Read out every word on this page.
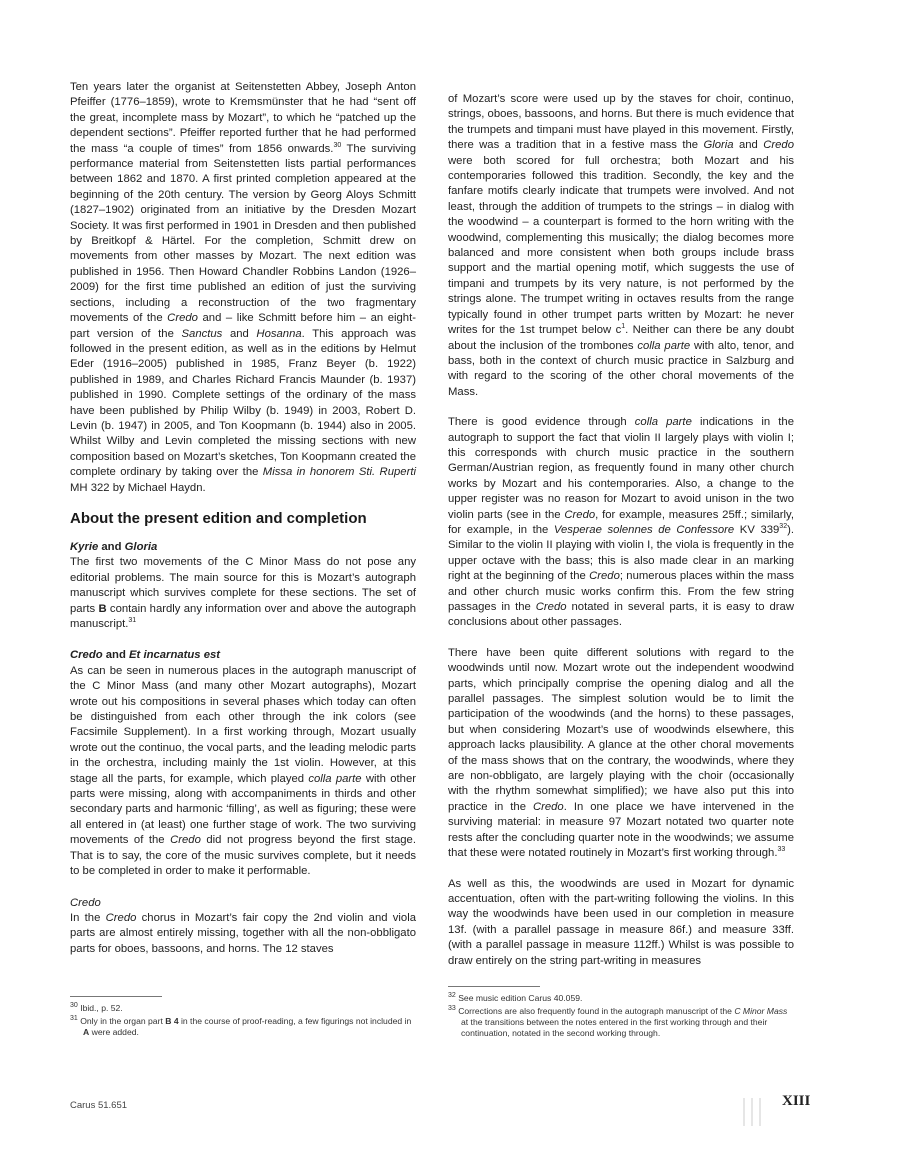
Ten years later the organist at Seitenstetten Abbey, Joseph Anton Pfeiffer (1776–1859), wrote to Kremsmünster that he had “sent off the great, incomplete mass by Mozart”, to which he “patched up the dependent sections”. Pfeiffer reported further that he had performed the mass “a couple of times” from 1856 onwards.$^{30}$ The surviving performance material from Seitenstetten lists partial performances between 1862 and 1870. A first printed completion appeared at the beginning of the 20th century. The version by Georg Aloys Schmitt (1827–1902) originated from an initiative by the Dresden Mozart Society. It was first performed in 1901 in Dresden and then published by Breitkopf & Härtel. For the completion, Schmitt drew on movements from other masses by Mozart. The next edition was published in 1956. Then Howard Chandler Robbins Landon (1926–2009) for the first time published an edition of just the surviving sections, including a reconstruction of the two fragmentary movements of the Credo and – like Schmitt before him – an eight-part version of the Sanctus and Hosanna. This approach was followed in the present edition, as well as in the editions by Helmut Eder (1916–2005) published in 1985, Franz Beyer (b. 1922) published in 1989, and Charles Richard Francis Maunder (b. 1937) published in 1990. Complete settings of the ordinary of the mass have been published by Philip Wilby (b. 1949) in 2003, Robert D. Levin (b. 1947) in 2005, and Ton Koopmann (b. 1944) also in 2005. Whilst Wilby and Levin completed the missing sections with new composition based on Mozart’s sketches, Ton Koopmann created the complete ordinary by taking over the Missa in honorem Sti. Ruperti MH 322 by Michael Haydn.

About the present edition and completion

Kyrie and Gloria

The first two movements of the C Minor Mass do not pose any editorial problems. The main source for this is Mozart’s autograph manuscript which survives complete for these sections. The set of parts B contain hardly any information over and above the autograph manuscript.$^{31}$

Credo and Et incarnatus est

As can be seen in numerous places in the autograph manuscript of the C Minor Mass (and many other Mozart autographs), Mozart wrote out his compositions in several phases which today can often be distinguished from each other through the ink colors (see Facsimile Supplement). In a first working through, Mozart usually wrote out the continuo, the vocal parts, and the leading melodic parts in the orchestra, including mainly the 1st violin. However, at this stage all the parts, for example, which played colla parte with other parts were missing, along with accompaniments in thirds and other secondary parts and harmonic ‘filling’, as well as figuring; these were all entered in (at least) one further stage of work. The two surviving movements of the Credo did not progress beyond the first stage. That is to say, the core of the music survives complete, but it needs to be completed in order to make it performable.

Credo

In the Credo chorus in Mozart’s fair copy the 2nd violin and viola parts are almost entirely missing, together with all the non-obbligato parts for oboes, bassoons, and horns. The 12 staves

of Mozart’s score were used up by the staves for choir, continuo, strings, oboes, bassoons, and horns. But there is much evidence that the trumpets and timpani must have played in this movement. Firstly, there was a tradition that in a festive mass the Gloria and Credo were both scored for full orchestra; both Mozart and his contemporaries followed this tradition. Secondly, the key and the fanfare motifs clearly indicate that trumpets were involved. And not least, through the addition of trumpets to the strings – in dialog with the woodwind – a counterpart is formed to the horn writing with the woodwind, complementing this musically; the dialog becomes more balanced and more consistent when both groups include brass support and the martial opening motif, which suggests the use of timpani and trumpets by its very nature, is not performed by the strings alone. The trumpet writing in octaves results from the range typically found in other trumpet parts written by Mozart: he never writes for the 1st trumpet below $c^1$. Neither can there be any doubt about the inclusion of the trombones colla parte with alto, tenor, and bass, both in the context of church music practice in Salzburg and with regard to the scoring of the other choral movements of the Mass.

There is good evidence through colla parte indications in the autograph to support the fact that violin II largely plays with violin I; this corresponds with church music practice in the southern German/Austrian region, as frequently found in many other church works by Mozart and his contemporaries. Also, a change to the upper register was no reason for Mozart to avoid unison in the two violin parts (see in the Credo, for example, measures 25ff.; similarly, for example, in the Vesperae solennes de Confessore KV $339^{32}$). Similar to the violin II playing with violin I, the viola is frequently in the upper octave with the bass; this is also made clear in an marking right at the beginning of the Credo; numerous places within the mass and other church music works confirm this. From the few string passages in the Credo notated in several parts, it is easy to draw conclusions about other passages.

There have been quite different solutions with regard to the woodwinds until now. Mozart wrote out the independent woodwind parts, which principally comprise the opening dialog and all the parallel passages. The simplest solution would be to limit the participation of the woodwinds (and the horns) to these passages, but when considering Mozart’s use of woodwinds elsewhere, this approach lacks plausibility. A glance at the other choral movements of the mass shows that on the contrary, the woodwinds, where they are non-obbligato, are largely playing with the choir (occasionally with the rhythm somewhat simplified); we have also put this into practice in the Credo. In one place we have intervened in the surviving material: in measure 97 Mozart notated two quarter note rests after the concluding quarter note in the woodwinds; we assume that these were notated routinely in Mozart’s first working through.$^{33}$

As well as this, the woodwinds are used in Mozart for dynamic accentuation, often with the part-writing following the violins. In this way the woodwinds have been used in our completion in measure 13f. (with a parallel passage in measure 86f.) and measure 33ff. (with a parallel passage in measure 112ff.) Whilst is was possible to draw entirely on the string part-writing in measures

$^{30}$ Ibid., p. 52.

$^{31}$ Only in the organ part B 4 in the course of proof-reading, a few figurings not included in A were added.

$^{32}$ See music edition Carus 40.059.

$^{33}$ Corrections are also frequently found in the autograph manuscript of the C Minor Mass at the transitions between the notes entered in the first working through and their continuation, notated in the second working through.

Carus 51.651	XIII
